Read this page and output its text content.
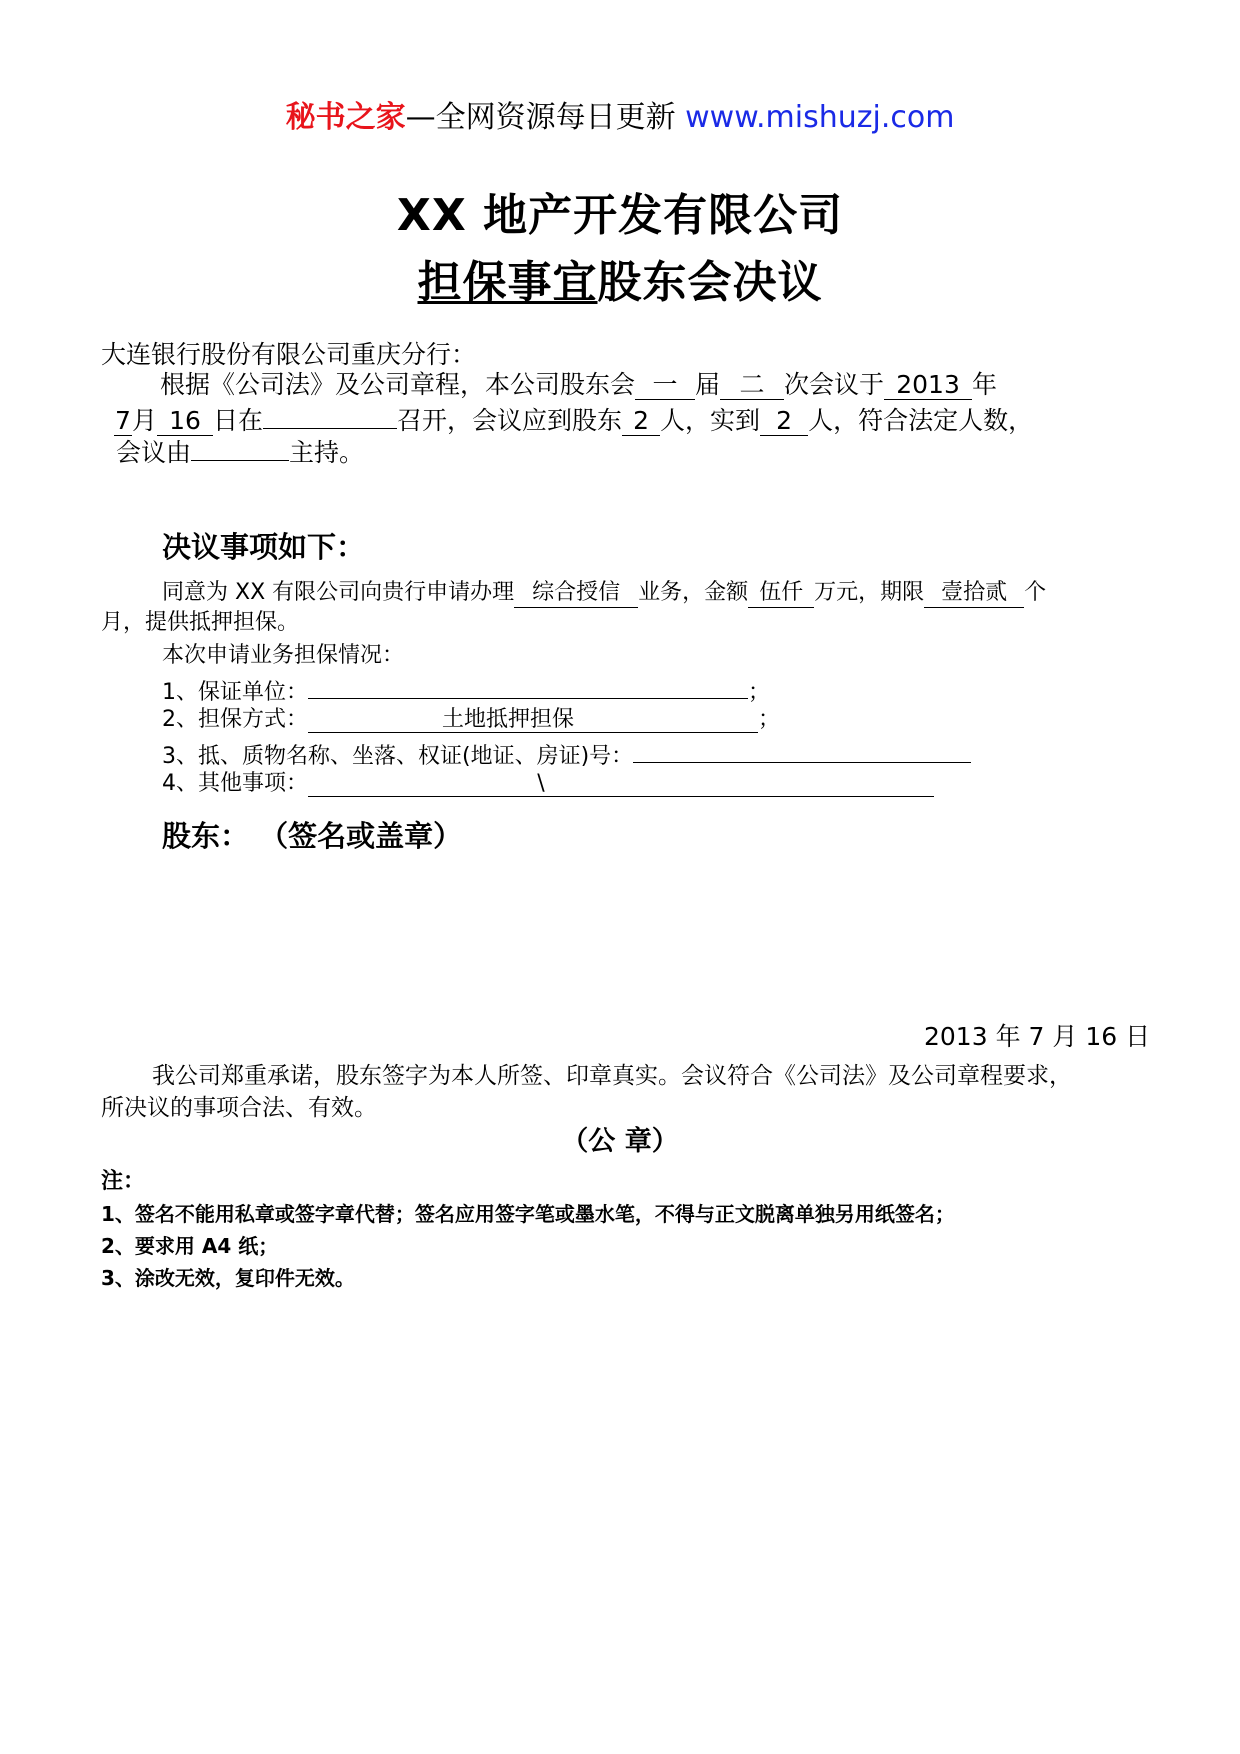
秘书之家—全网资源每日更新 www.mishuzj.com
XX 地产开发有限公司
担保事宜股东会决议
大连银行股份有限公司重庆分行：
根据《公司法》及公司章程，本公司股东会 一 届 二 次会议于 2013 年
7月 16 日在	召开，会议应到股东 2 人，实到 2 人，符合法定人数，
会议由	主持。
决议事项如下：
同意为 XX 有限公司向贵行申请办理 综合授信 业务，金额 伍仟 万元，期限 壹拾贰 个
月，提供抵押担保。
本次申请业务担保情况：
1、保证单位：	；
2、担保方式：	土地抵押担保	；
3、抵、质物名称、坐落、权证(地证、房证)号：
4、其他事项：	\
股东： （签名或盖章）
2013 年 7 月 16 日
我公司郑重承诺，股东签字为本人所签、印章真实。会议符合《公司法》及公司章程要求，
所决议的事项合法、有效。
（公 章）
注：
1、签名不能用私章或签字章代替；签名应用签字笔或墨水笔，不得与正文脱离单独另用纸签名；
2、要求用 A4 纸；
3、涂改无效，复印件无效。
